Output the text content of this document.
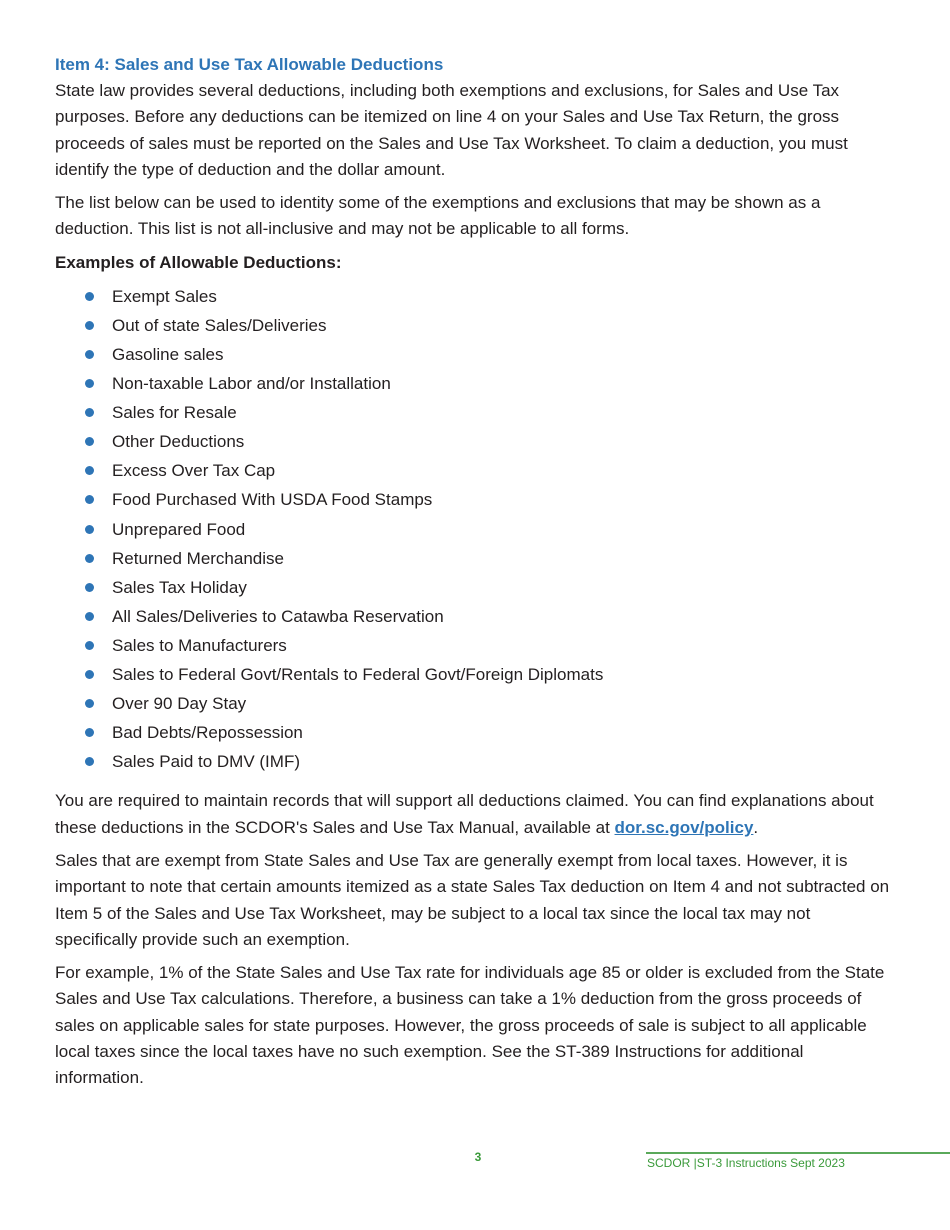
Item 4: Sales and Use Tax Allowable Deductions

State law provides several deductions, including both exemptions and exclusions, for Sales and Use Tax purposes. Before any deductions can be itemized on line 4 on your Sales and Use Tax Return, the gross proceeds of sales must be reported on the Sales and Use Tax Worksheet. To claim a deduction, you must identify the type of deduction and the dollar amount.

The list below can be used to identity some of the exemptions and exclusions that may be shown as a deduction. This list is not all-inclusive and may not be applicable to all forms.

Examples of Allowable Deductions:
Exempt Sales
Out of state Sales/Deliveries
Gasoline sales
Non-taxable Labor and/or Installation
Sales for Resale
Other Deductions
Excess Over Tax Cap
Food Purchased With USDA Food Stamps
Unprepared Food
Returned Merchandise
Sales Tax Holiday
All Sales/Deliveries to Catawba Reservation
Sales to Manufacturers
Sales to Federal Govt/Rentals to Federal Govt/Foreign Diplomats
Over 90 Day Stay
Bad Debts/Repossession
Sales Paid to DMV (IMF)

You are required to maintain records that will support all deductions claimed. You can find explanations about these deductions in the SCDOR's Sales and Use Tax Manual, available at dor.sc.gov/policy.

Sales that are exempt from State Sales and Use Tax are generally exempt from local taxes. However, it is important to note that certain amounts itemized as a state Sales Tax deduction on Item 4 and not subtracted on Item 5 of the Sales and Use Tax Worksheet, may be subject to a local tax since the local tax may not specifically provide such an exemption.

For example, 1% of the State Sales and Use Tax rate for individuals age 85 or older is excluded from the State Sales and Use Tax calculations. Therefore, a business can take a 1% deduction from the gross proceeds of sales on applicable sales for state purposes. However, the gross proceeds of sale is subject to all applicable local taxes since the local taxes have no such exemption. See the ST-389 Instructions for additional information.

3	SCDOR |ST-3 Instructions Sept 2023
